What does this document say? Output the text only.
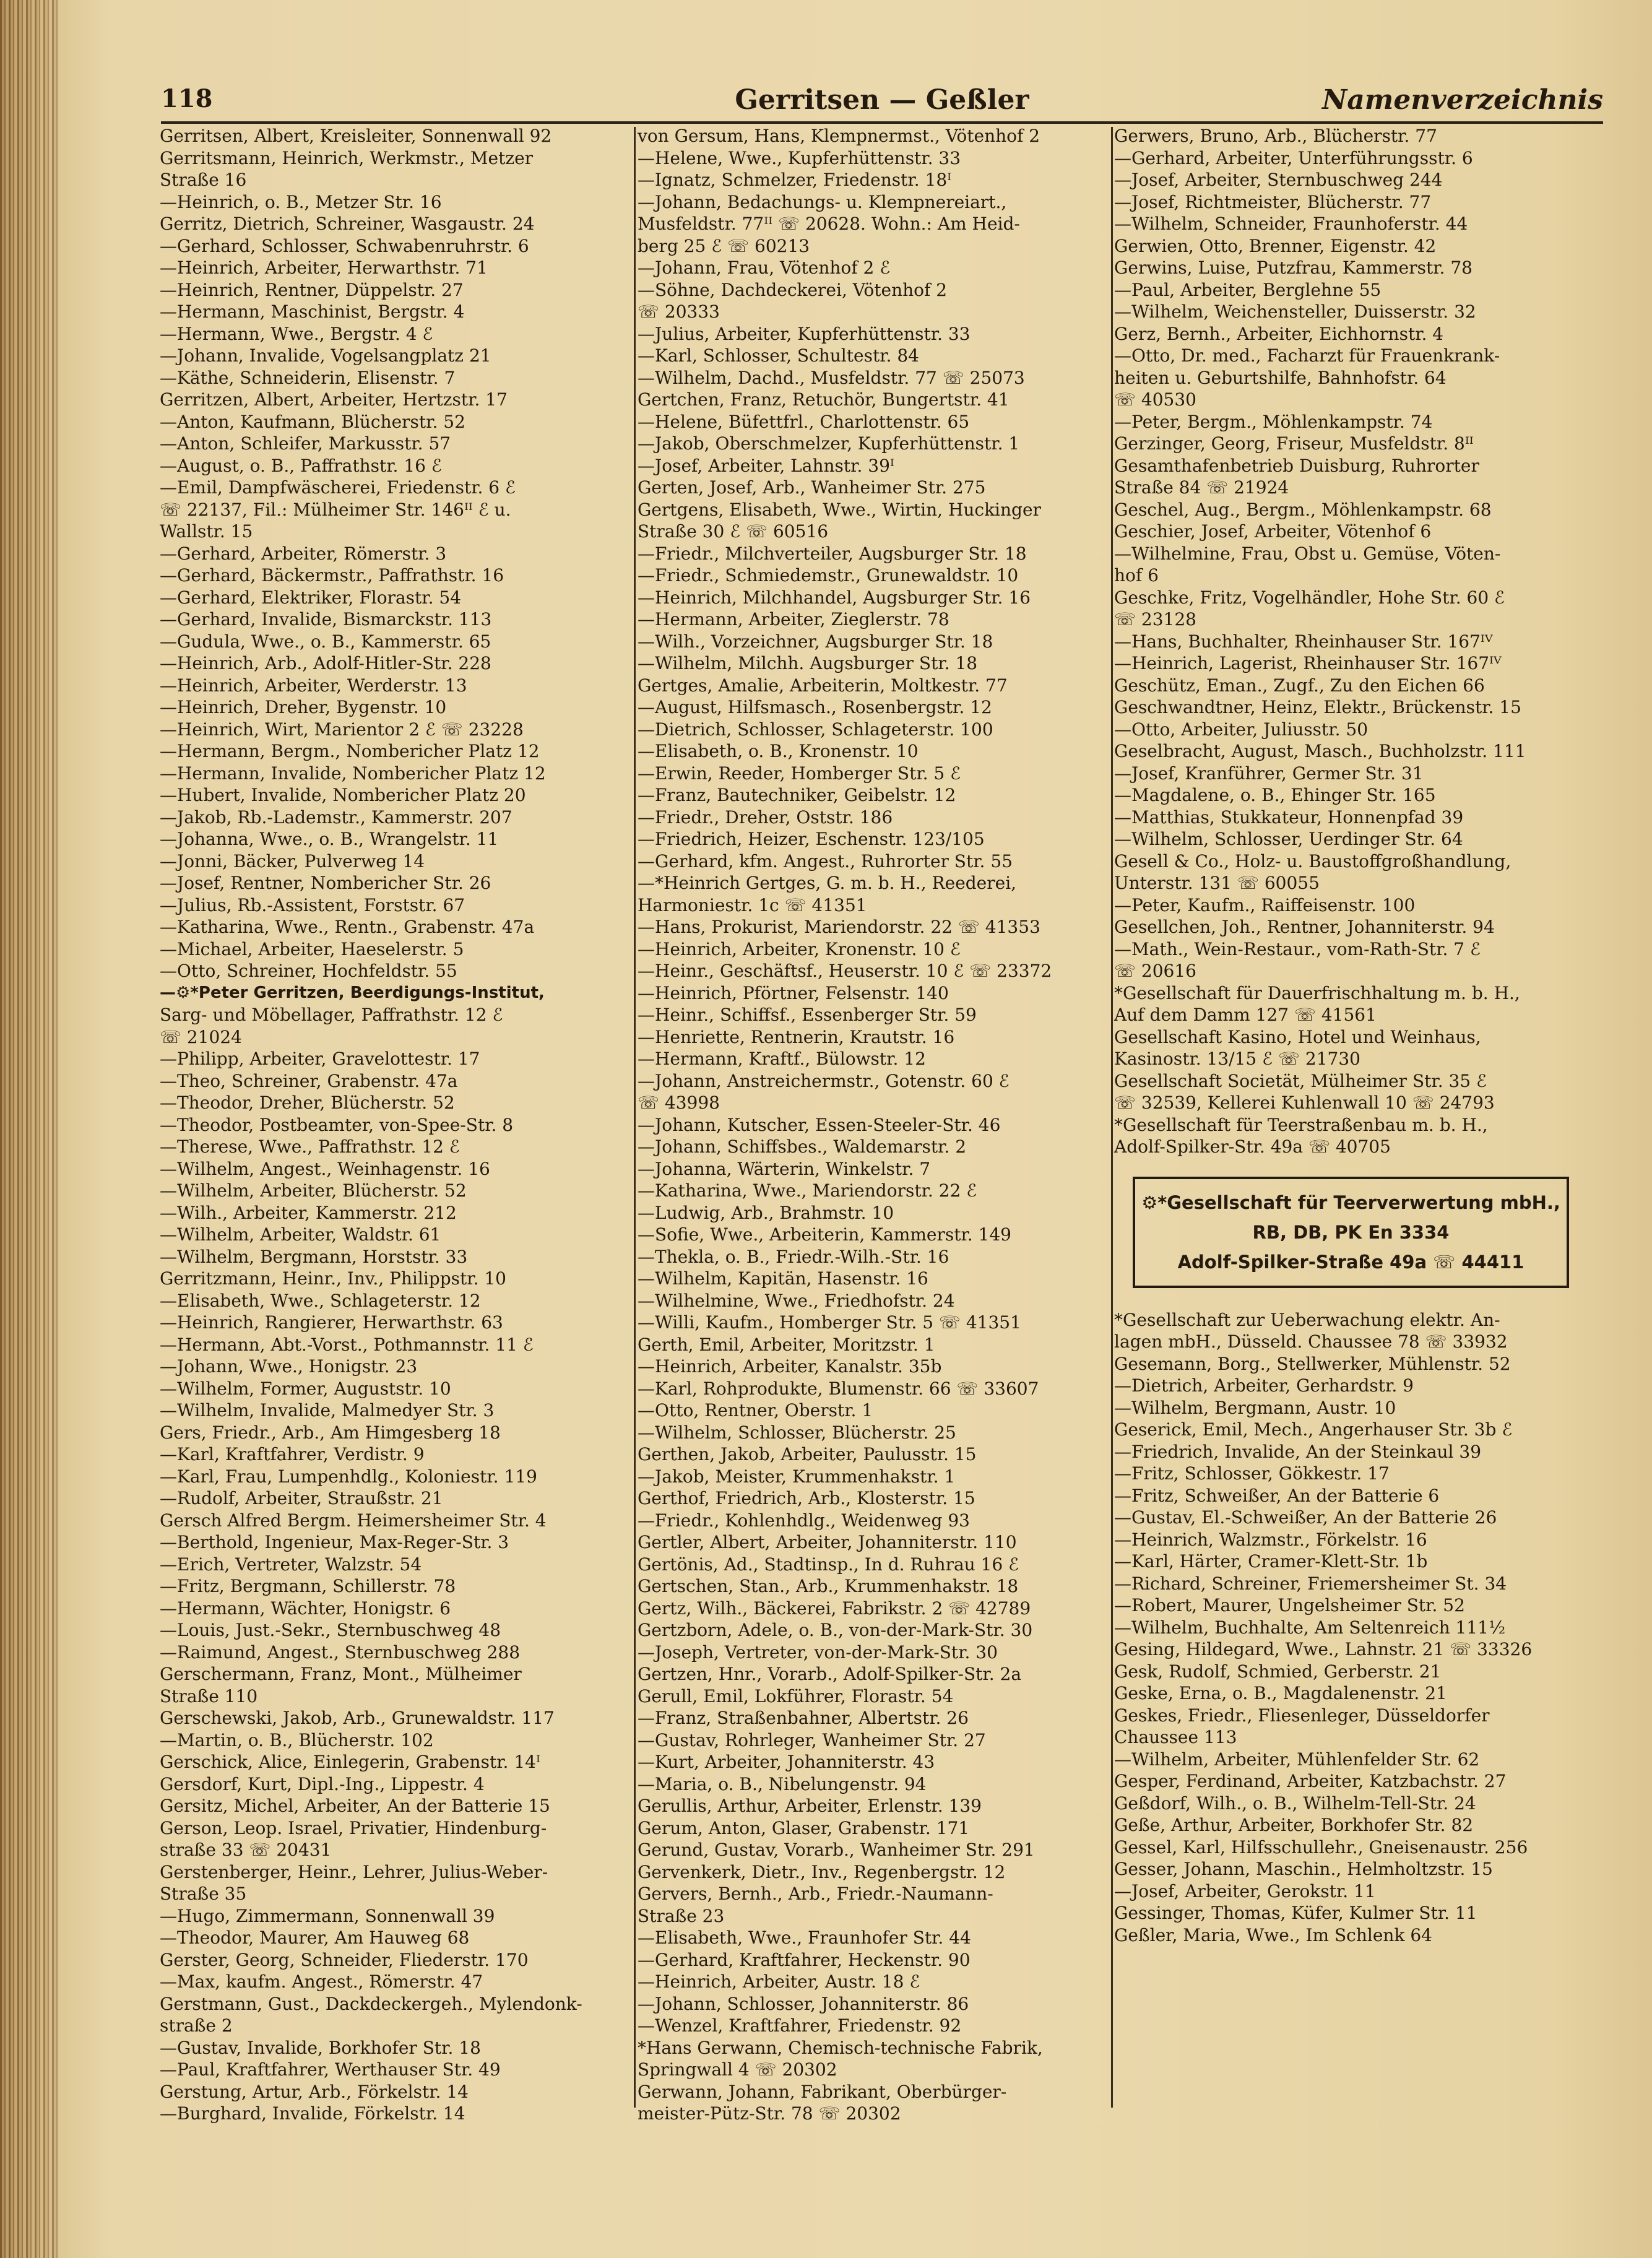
Gerritsen — Geßler
118	Namenverzeichnis
Gerritsen, Albert, Kreisleiter, Sonnenwall 92
Gerritsmann, Heinrich, Werkmstr., Metzer
Straße 16
—Heinrich, o. B., Metzer Str. 16
Gerritz, Dietrich, Schreiner, Wasgaustr. 24
—Gerhard, Schlosser, Schwabenruhrstr. 6
—Heinrich, Arbeiter, Herwarthstr. 71
—Heinrich, Rentner, Düppelstr. 27
—Hermann, Maschinist, Bergstr. 4
—Hermann, Wwe., Bergstr. 4 ℰ
—Johann, Invalide, Vogelsangplatz 21
—Käthe, Schneiderin, Elisenstr. 7
Gerritzen, Albert, Arbeiter, Hertzstr. 17
—Anton, Kaufmann, Blücherstr. 52
—Anton, Schleifer, Markusstr. 57
—August, o. B., Paffrathstr. 16 ℰ
—Emil, Dampfwäscherei, Friedenstr. 6 ℰ
☏ 22137, Fil.: Mülheimer Str. 146ᴵᴵ ℰ u.
Wallstr. 15
—Gerhard, Arbeiter, Römerstr. 3
—Gerhard, Bäckermstr., Paffrathstr. 16
—Gerhard, Elektriker, Florastr. 54
—Gerhard, Invalide, Bismarckstr. 113
—Gudula, Wwe., o. B., Kammerstr. 65
—Heinrich, Arb., Adolf-Hitler-Str. 228
—Heinrich, Arbeiter, Werderstr. 13
—Heinrich, Dreher, Bygenstr. 10
—Heinrich, Wirt, Marientor 2 ℰ ☏ 23228
—Hermann, Bergm., Nombericher Platz 12
—Hermann, Invalide, Nombericher Platz 12
—Hubert, Invalide, Nombericher Platz 20
—Jakob, Rb.-Lademstr., Kammerstr. 207
—Johanna, Wwe., o. B., Wrangelstr. 11
—Jonni, Bäcker, Pulverweg 14
—Josef, Rentner, Nombericher Str. 26
—Julius, Rb.-Assistent, Forststr. 67
—Katharina, Wwe., Rentn., Grabenstr. 47a
—Michael, Arbeiter, Haeselerstr. 5
—Otto, Schreiner, Hochfeldstr. 55
—⚙*Peter Gerritzen, Beerdigungs-Institut,
Sarg- und Möbellager, Paffrathstr. 12 ℰ
☏ 21024
—Philipp, Arbeiter, Gravelottestr. 17
—Theo, Schreiner, Grabenstr. 47a
—Theodor, Dreher, Blücherstr. 52
—Theodor, Postbeamter, von-Spee-Str. 8
—Therese, Wwe., Paffrathstr. 12 ℰ
—Wilhelm, Angest., Weinhagenstr. 16
—Wilhelm, Arbeiter, Blücherstr. 52
—Wilh., Arbeiter, Kammerstr. 212
—Wilhelm, Arbeiter, Waldstr. 61
—Wilhelm, Bergmann, Horststr. 33
Gerritzmann, Heinr., Inv., Philippstr. 10
—Elisabeth, Wwe., Schlageterstr. 12
—Heinrich, Rangierer, Herwarthstr. 63
—Hermann, Abt.-Vorst., Pothmannstr. 11 ℰ
—Johann, Wwe., Honigstr. 23
—Wilhelm, Former, Auguststr. 10
—Wilhelm, Invalide, Malmedyer Str. 3
Gers, Friedr., Arb., Am Himgesberg 18
—Karl, Kraftfahrer, Verdistr. 9
—Karl, Frau, Lumpenhdlg., Koloniestr. 119
—Rudolf, Arbeiter, Straußstr. 21
Gersch Alfred Bergm. Heimersheimer Str. 4
—Berthold, Ingenieur, Max-Reger-Str. 3
—Erich, Vertreter, Walzstr. 54
—Fritz, Bergmann, Schillerstr. 78
—Hermann, Wächter, Honigstr. 6
—Louis, Just.-Sekr., Sternbuschweg 48
—Raimund, Angest., Sternbuschweg 288
Gerschermann, Franz, Mont., Mülheimer
Straße 110
Gerschewski, Jakob, Arb., Grunewaldstr. 117
—Martin, o. B., Blücherstr. 102
Gerschick, Alice, Einlegerin, Grabenstr. 14ᴵ
Gersdorf, Kurt, Dipl.-Ing., Lippestr. 4
Gersitz, Michel, Arbeiter, An der Batterie 15
Gerson, Leop. Israel, Privatier, Hindenburg-
straße 33 ☏ 20431
Gerstenberger, Heinr., Lehrer, Julius-Weber-
Straße 35
—Hugo, Zimmermann, Sonnenwall 39
—Theodor, Maurer, Am Hauweg 68
Gerster, Georg, Schneider, Fliederstr. 170
—Max, kaufm. Angest., Römerstr. 47
Gerstmann, Gust., Dackdeckergeh., Mylendonk-
straße 2
—Gustav, Invalide, Borkhofer Str. 18
—Paul, Kraftfahrer, Werthauser Str. 49
Gerstung, Artur, Arb., Förkelstr. 14
—Burghard, Invalide, Förkelstr. 14
von Gersum, Hans, Klempnermst., Vötenhof 2
—Helene, Wwe., Kupferhüttenstr. 33
—Ignatz, Schmelzer, Friedenstr. 18ᴵ
—Johann, Bedachungs- u. Klempnereiart.,
Musfeldstr. 77ᴵᴵ ☏ 20628. Wohn.: Am Heid-
berg 25 ℰ ☏ 60213
—Johann, Frau, Vötenhof 2 ℰ
—Söhne, Dachdeckerei, Vötenhof 2
☏ 20333
—Julius, Arbeiter, Kupferhüttenstr. 33
—Karl, Schlosser, Schultestr. 84
—Wilhelm, Dachd., Musfeldstr. 77 ☏ 25073
Gertchen, Franz, Retuchör, Bungertstr. 41
—Helene, Büfettfrl., Charlottenstr. 65
—Jakob, Oberschmelzer, Kupferhüttenstr. 1
—Josef, Arbeiter, Lahnstr. 39ᴵ
Gerten, Josef, Arb., Wanheimer Str. 275
Gertgens, Elisabeth, Wwe., Wirtin, Huckinger
Straße 30 ℰ ☏ 60516
—Friedr., Milchverteiler, Augsburger Str. 18
—Friedr., Schmiedemstr., Grunewaldstr. 10
—Heinrich, Milchhandel, Augsburger Str. 16
—Hermann, Arbeiter, Zieglerstr. 78
—Wilh., Vorzeichner, Augsburger Str. 18
—Wilhelm, Milchh. Augsburger Str. 18
Gertges, Amalie, Arbeiterin, Moltkestr. 77
—August, Hilfsmasch., Rosenbergstr. 12
—Dietrich, Schlosser, Schlageterstr. 100
—Elisabeth, o. B., Kronenstr. 10
—Erwin, Reeder, Homberger Str. 5 ℰ
—Franz, Bautechniker, Geibelstr. 12
—Friedr., Dreher, Oststr. 186
—Friedrich, Heizer, Eschenstr. 123/105
—Gerhard, kfm. Angest., Ruhrorter Str. 55
—*Heinrich Gertges, G. m. b. H., Reederei,
Harmoniestr. 1c ☏ 41351
—Hans, Prokurist, Mariendorstr. 22 ☏ 41353
—Heinrich, Arbeiter, Kronenstr. 10 ℰ
—Heinr., Geschäftsf., Heuserstr. 10 ℰ ☏ 23372
—Heinrich, Pförtner, Felsenstr. 140
—Heinr., Schiffsf., Essenberger Str. 59
—Henriette, Rentnerin, Krautstr. 16
—Hermann, Kraftf., Bülowstr. 12
—Johann, Anstreichermstr., Gotenstr. 60 ℰ
☏ 43998
—Johann, Kutscher, Essen-Steeler-Str. 46
—Johann, Schiffsbes., Waldemarstr. 2
—Johanna, Wärterin, Winkelstr. 7
—Katharina, Wwe., Mariendorstr. 22 ℰ
—Ludwig, Arb., Brahmstr. 10
—Sofie, Wwe., Arbeiterin, Kammerstr. 149
—Thekla, o. B., Friedr.-Wilh.-Str. 16
—Wilhelm, Kapitän, Hasenstr. 16
—Wilhelmine, Wwe., Friedhofstr. 24
—Willi, Kaufm., Homberger Str. 5 ☏ 41351
Gerth, Emil, Arbeiter, Moritzstr. 1
—Heinrich, Arbeiter, Kanalstr. 35b
—Karl, Rohprodukte, Blumenstr. 66 ☏ 33607
—Otto, Rentner, Oberstr. 1
—Wilhelm, Schlosser, Blücherstr. 25
Gerthen, Jakob, Arbeiter, Paulusstr. 15
—Jakob, Meister, Krummenhakstr. 1
Gerthof, Friedrich, Arb., Klosterstr. 15
—Friedr., Kohlenhdlg., Weidenweg 93
Gertler, Albert, Arbeiter, Johanniterstr. 110
Gertönis, Ad., Stadtinsp., In d. Ruhrau 16 ℰ
Gertschen, Stan., Arb., Krummenhakstr. 18
Gertz, Wilh., Bäckerei, Fabrikstr. 2 ☏ 42789
Gertzborn, Adele, o. B., von-der-Mark-Str. 30
—Joseph, Vertreter, von-der-Mark-Str. 30
Gertzen, Hnr., Vorarb., Adolf-Spilker-Str. 2a
Gerull, Emil, Lokführer, Florastr. 54
—Franz, Straßenbahner, Albertstr. 26
—Gustav, Rohrleger, Wanheimer Str. 27
—Kurt, Arbeiter, Johanniterstr. 43
—Maria, o. B., Nibelungenstr. 94
Gerullis, Arthur, Arbeiter, Erlenstr. 139
Gerum, Anton, Glaser, Grabenstr. 171
Gerund, Gustav, Vorarb., Wanheimer Str. 291
Gervenkerk, Dietr., Inv., Regenbergstr. 12
Gervers, Bernh., Arb., Friedr.-Naumann-
Straße 23
—Elisabeth, Wwe., Fraunhofer Str. 44
—Gerhard, Kraftfahrer, Heckenstr. 90
—Heinrich, Arbeiter, Austr. 18 ℰ
—Johann, Schlosser, Johanniterstr. 86
—Wenzel, Kraftfahrer, Friedenstr. 92
*Hans Gerwann, Chemisch-technische Fabrik,
Springwall 4 ☏ 20302
Gerwann, Johann, Fabrikant, Oberbürger-
meister-Pütz-Str. 78 ☏ 20302
Gerwers, Bruno, Arb., Blücherstr. 77
—Gerhard, Arbeiter, Unterführungsstr. 6
—Josef, Arbeiter, Sternbuschweg 244
—Josef, Richtmeister, Blücherstr. 77
—Wilhelm, Schneider, Fraunhoferstr. 44
Gerwien, Otto, Brenner, Eigenstr. 42
Gerwins, Luise, Putzfrau, Kammerstr. 78
—Paul, Arbeiter, Berglehne 55
—Wilhelm, Weichensteller, Duisserstr. 32
Gerz, Bernh., Arbeiter, Eichhornstr. 4
—Otto, Dr. med., Facharzt für Frauenkrank-
heiten u. Geburtshilfe, Bahnhofstr. 64
☏ 40530
—Peter, Bergm., Möhlenkampstr. 74
Gerzinger, Georg, Friseur, Musfeldstr. 8ᴵᴵ
Gesamthafenbetrieb Duisburg, Ruhrorter
Straße 84 ☏ 21924
Geschel, Aug., Bergm., Möhlenkampstr. 68
Geschier, Josef, Arbeiter, Vötenhof 6
—Wilhelmine, Frau, Obst u. Gemüse, Vöten-
hof 6
Geschke, Fritz, Vogelhändler, Hohe Str. 60 ℰ
☏ 23128
—Hans, Buchhalter, Rheinhauser Str. 167ᴵⱽ
—Heinrich, Lagerist, Rheinhauser Str. 167ᴵⱽ
Geschütz, Eman., Zugf., Zu den Eichen 66
Geschwandtner, Heinz, Elektr., Brückenstr. 15
—Otto, Arbeiter, Juliusstr. 50
Geselbracht, August, Masch., Buchholzstr. 111
—Josef, Kranführer, Germer Str. 31
—Magdalene, o. B., Ehinger Str. 165
—Matthias, Stukkateur, Honnenpfad 39
—Wilhelm, Schlosser, Uerdinger Str. 64
Gesell & Co., Holz- u. Baustoffgroßhandlung,
Unterstr. 131 ☏ 60055
—Peter, Kaufm., Raiffeisenstr. 100
Gesellchen, Joh., Rentner, Johanniterstr. 94
—Math., Wein-Restaur., vom-Rath-Str. 7 ℰ
☏ 20616
*Gesellschaft für Dauerfrischhaltung m. b. H.,
Auf dem Damm 127 ☏ 41561
Gesellschaft Kasino, Hotel und Weinhaus,
Kasinostr. 13/15 ℰ ☏ 21730
Gesellschaft Societät, Mülheimer Str. 35 ℰ
☏ 32539, Kellerei Kuhlenwall 10 ☏ 24793
*Gesellschaft für Teerstraßenbau m. b. H.,
Adolf-Spilker-Str. 49a ☏ 40705
⚙*Gesellschaft für Teerverwertung mbH.,
RB, DB, PK En 3334
Adolf-Spilker-Straße 49a ☏ 44411
*Gesellschaft zur Ueberwachung elektr. An-
lagen mbH., Düsseld. Chaussee 78 ☏ 33932
Gesemann, Borg., Stellwerker, Mühlenstr. 52
—Dietrich, Arbeiter, Gerhardstr. 9
—Wilhelm, Bergmann, Austr. 10
Geserick, Emil, Mech., Angerhauser Str. 3b ℰ
—Friedrich, Invalide, An der Steinkaul 39
—Fritz, Schlosser, Gökkestr. 17
—Fritz, Schweißer, An der Batterie 6
—Gustav, El.-Schweißer, An der Batterie 26
—Heinrich, Walzmstr., Förkelstr. 16
—Karl, Härter, Cramer-Klett-Str. 1b
—Richard, Schreiner, Friemersheimer St. 34
—Robert, Maurer, Ungelsheimer Str. 52
—Wilhelm, Buchhalte, Am Seltenreich 111½
Gesing, Hildegard, Wwe., Lahnstr. 21 ☏ 33326
Gesk, Rudolf, Schmied, Gerberstr. 21
Geske, Erna, o. B., Magdalenenstr. 21
Geskes, Friedr., Fliesenleger, Düsseldorfer
Chaussee 113
—Wilhelm, Arbeiter, Mühlenfelder Str. 62
Gesper, Ferdinand, Arbeiter, Katzbachstr. 27
Geßdorf, Wilh., o. B., Wilhelm-Tell-Str. 24
Geße, Arthur, Arbeiter, Borkhofer Str. 82
Gessel, Karl, Hilfsschullehr., Gneisenaustr. 256
Gesser, Johann, Maschin., Helmholtzstr. 15
—Josef, Arbeiter, Gerokstr. 11
Gessinger, Thomas, Küfer, Kulmer Str. 11
Geßler, Maria, Wwe., Im Schlenk 64
